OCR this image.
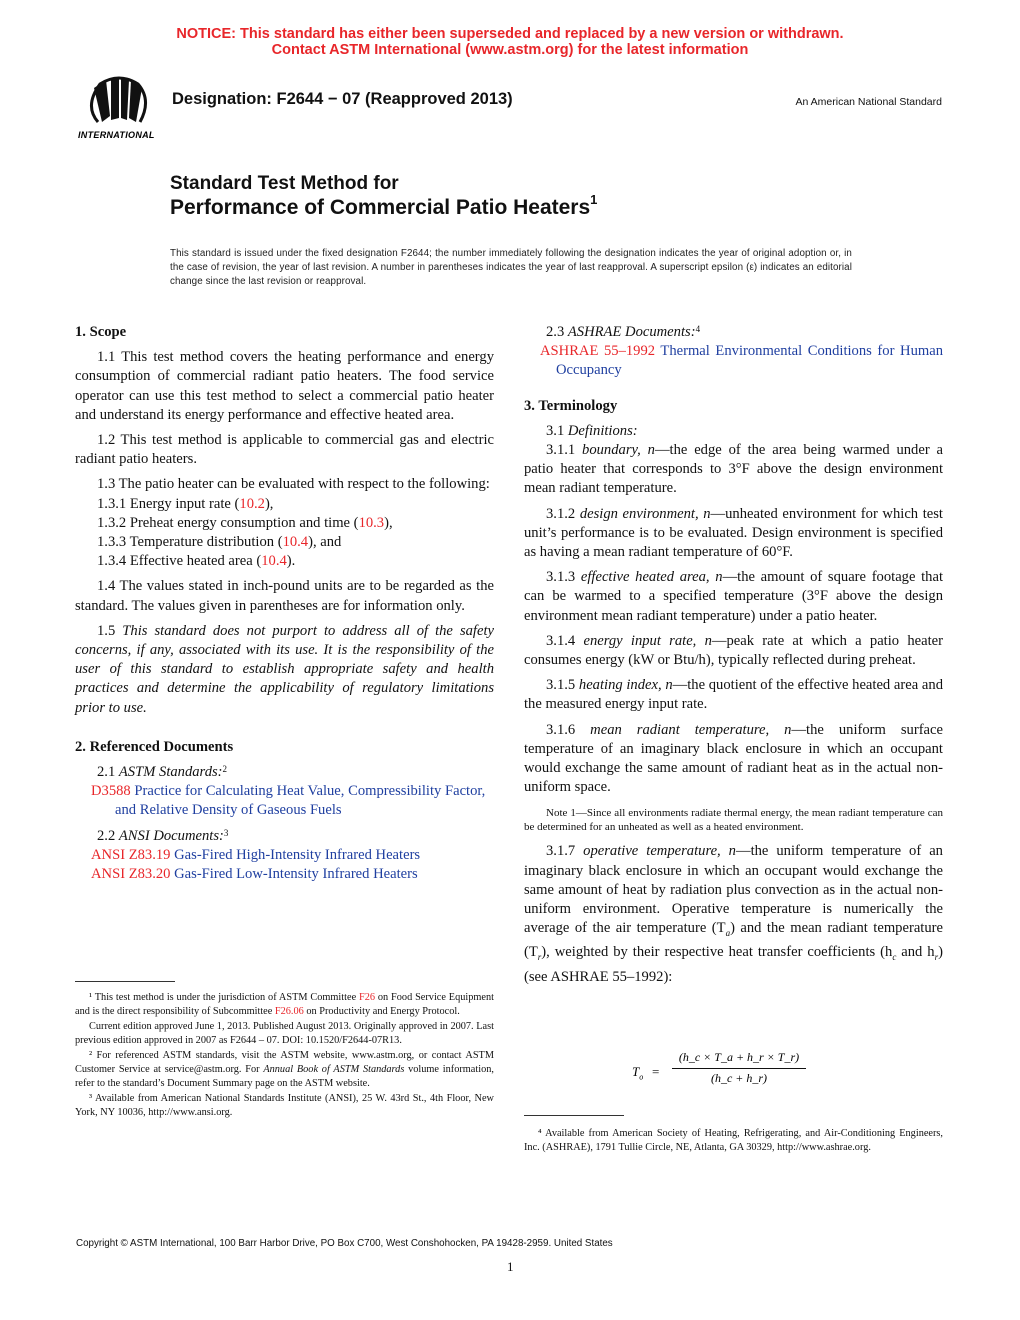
NOTICE: This standard has either been superseded and replaced by a new version or withdrawn.
Contact ASTM International (www.astm.org) for the latest information
INTERNATIONAL
Designation: F2644 − 07 (Reapproved 2013)	An American National Standard
Standard Test Method for
Performance of Commercial Patio Heaters$^1$
This standard is issued under the fixed designation F2644; the number immediately following the designation indicates the year of original adoption or, in the case of revision, the year of last revision. A number in parentheses indicates the year of last reapproval. A superscript epsilon (ε) indicates an editorial change since the last revision or reapproval.

1. Scope

1.1 This test method covers the heating performance and energy consumption of commercial radiant patio heaters. The food service operator can use this test method to select a commercial patio heater and understand its energy performance and effective heated area.

1.2 This test method is applicable to commercial gas and electric radiant patio heaters.

1.3 The patio heater can be evaluated with respect to the following:

1.3.1 Energy input rate (10.2),

1.3.2 Preheat energy consumption and time (10.3),

1.3.3 Temperature distribution (10.4), and

1.3.4 Effective heated area (10.4).

1.4 The values stated in inch-pound units are to be regarded as the standard. The values given in parentheses are for information only.

1.5 This standard does not purport to address all of the safety concerns, if any, associated with its use. It is the responsibility of the user of this standard to establish appropriate safety and health practices and determine the applicability of regulatory limitations prior to use.

2. Referenced Documents

2.1 ASTM Standards:$^2$

D3588 Practice for Calculating Heat Value, Compressibility Factor, and Relative Density of Gaseous Fuels

2.2 ANSI Documents:$^3$

ANSI Z83.19 Gas-Fired High-Intensity Infrared Heaters

ANSI Z83.20 Gas-Fired Low-Intensity Infrared Heaters

¹ This test method is under the jurisdiction of ASTM Committee F26 on Food Service Equipment and is the direct responsibility of Subcommittee F26.06 on Productivity and Energy Protocol.

Current edition approved June 1, 2013. Published August 2013. Originally approved in 2007. Last previous edition approved in 2007 as F2644 – 07. DOI: 10.1520/F2644-07R13.

² For referenced ASTM standards, visit the ASTM website, www.astm.org, or contact ASTM Customer Service at service@astm.org. For Annual Book of ASTM Standards volume information, refer to the standard’s Document Summary page on the ASTM website.

³ Available from American National Standards Institute (ANSI), 25 W. 43rd St., 4th Floor, New York, NY 10036, http://www.ansi.org.

2.3 ASHRAE Documents:$^4$

ASHRAE 55–1992 Thermal Environmental Conditions for Human Occupancy

3. Terminology

3.1 Definitions:

3.1.1 boundary, n—the edge of the area being warmed under a patio heater that corresponds to 3°F above the design environment mean radiant temperature.

3.1.2 design environment, n—unheated environment for which test unit’s performance is to be evaluated. Design environment is specified as having a mean radiant temperature of 60°F.

3.1.3 effective heated area, n—the amount of square footage that can be warmed to a specified temperature (3°F above the design environment mean radiant temperature) under a patio heater.

3.1.4 energy input rate, n—peak rate at which a patio heater consumes energy (kW or Btu/h), typically reflected during preheat.

3.1.5 heating index, n—the quotient of the effective heated area and the measured energy input rate.

3.1.6 mean radiant temperature, n—the uniform surface temperature of an imaginary black enclosure in which an occupant would exchange the same amount of radiant heat as in the actual non-uniform space.

Note 1—Since all environments radiate thermal energy, the mean radiant temperature can be determined for an unheated as well as a heated environment.

3.1.7 operative temperature, n—the uniform temperature of an imaginary black enclosure in which an occupant would exchange the same amount of heat by radiation plus convection as in the actual non-uniform environment. Operative temperature is numerically the average of the air temperature $(T_a)$ and the mean radiant temperature $(T_r)$, weighted by their respective heat transfer coefficients ($h_c$ and $h_r$) (see ASHRAE 55–1992):

$T_o$ =
(h_c × T_a + h_r × T_r)
(h_c + h_r)

⁴ Available from American Society of Heating, Refrigerating, and Air-Conditioning Engineers, Inc. (ASHRAE), 1791 Tullie Circle, NE, Atlanta, GA 30329, http://www.ashrae.org.

Copyright © ASTM International, 100 Barr Harbor Drive, PO Box C700, West Conshohocken, PA 19428-2959. United States
1
